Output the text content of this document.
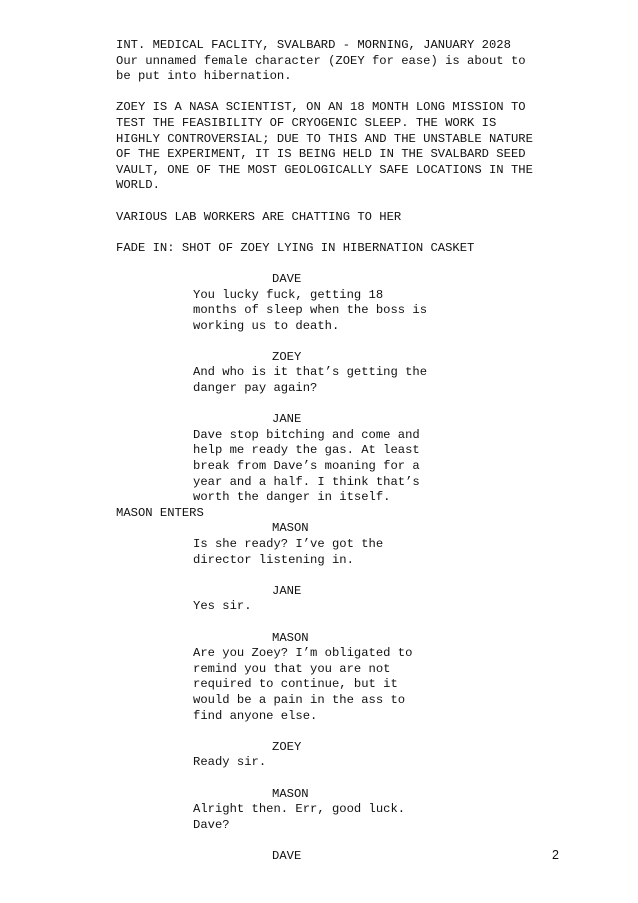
INT. MEDICAL FACLITY, SVALBARD - MORNING, JANUARY 2028
Our unnamed female character (ZOEY for ease) is about to
be put into hibernation.
ZOEY IS A NASA SCIENTIST, ON AN 18 MONTH LONG MISSION TO
TEST THE FEASIBILITY OF CRYOGENIC SLEEP. THE WORK IS
HIGHLY CONTROVERSIAL; DUE TO THIS AND THE UNSTABLE NATURE
OF THE EXPERIMENT, IT IS BEING HELD IN THE SVALBARD SEED
VAULT, ONE OF THE MOST GEOLOGICALLY SAFE LOCATIONS IN THE
WORLD.
VARIOUS LAB WORKERS ARE CHATTING TO HER
FADE IN: SHOT OF ZOEY LYING IN HIBERNATION CASKET
DAVE
You lucky fuck, getting 18
months of sleep when the boss is
working us to death.
ZOEY
And who is it that’s getting the
danger pay again?
JANE
Dave stop bitching and come and
help me ready the gas. At least
break from Dave’s moaning for a
year and a half. I think that’s
worth the danger in itself.
MASON ENTERS
MASON
Is she ready? I’ve got the
director listening in.
JANE
Yes sir.
MASON
Are you Zoey? I’m obligated to
remind you that you are not
required to continue, but it
would be a pain in the ass to
find anyone else.
ZOEY
Ready sir.
MASON
Alright then. Err, good luck.
Dave?
DAVE	2
